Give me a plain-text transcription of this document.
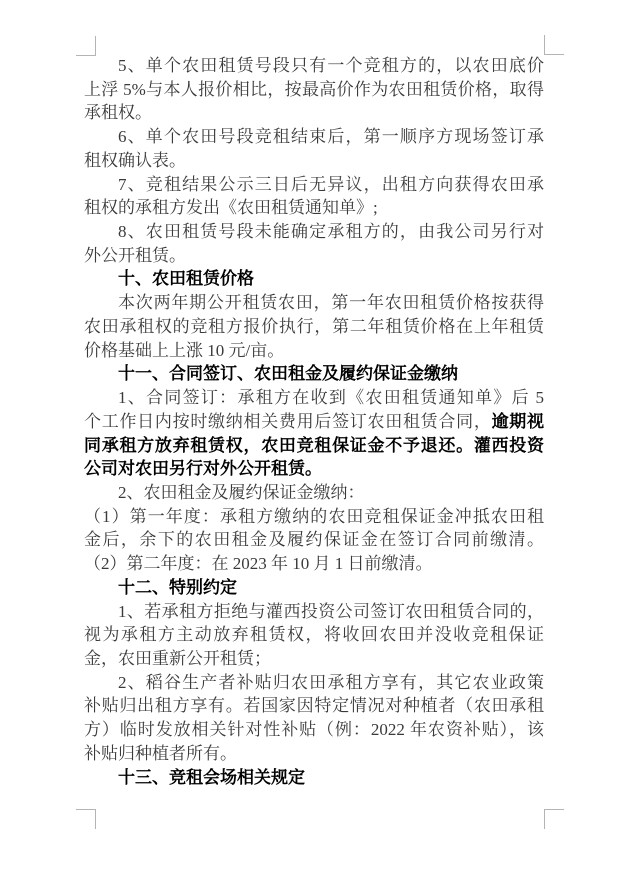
5、单个农田租赁号段只有一个竞租方的，以农田底价
上浮 5%与本人报价相比，按最高价作为农田租赁价格，取得
承租权。
6、单个农田号段竞租结束后，第一顺序方现场签订承
租权确认表。
7、竞租结果公示三日后无异议，出租方向获得农田承
租权的承租方发出《农田租赁通知单》;
8、农田租赁号段未能确定承租方的，由我公司另行对
外公开租赁。
十、农田租赁价格
本次两年期公开租赁农田，第一年农田租赁价格按获得
农田承租权的竞租方报价执行，第二年租赁价格在上年租赁
价格基础上上涨 10 元/亩。
十一、合同签订、农田租金及履约保证金缴纳
1、合同签订：承租方在收到《农田租赁通知单》后 5
个工作日内按时缴纳相关费用后签订农田租赁合同，逾期视
同承租方放弃租赁权，农田竞租保证金不予退还。灌西投资
公司对农田另行对外公开租赁。
2、农田租金及履约保证金缴纳：
（1）第一年度：承租方缴纳的农田竞租保证金冲抵农田租
金后，余下的农田租金及履约保证金在签订合同前缴清。
（2）第二年度：在 2023 年 10 月 1 日前缴清。
十二、特别约定
1、若承租方拒绝与灌西投资公司签订农田租赁合同的，
视为承租方主动放弃租赁权，将收回农田并没收竞租保证
金，农田重新公开租赁；
2、稻谷生产者补贴归农田承租方享有，其它农业政策
补贴归出租方享有。若国家因特定情况对种植者（农田承租
方）临时发放相关针对性补贴（例：2022 年农资补贴），该
补贴归种植者所有。
十三、竞租会场相关规定
